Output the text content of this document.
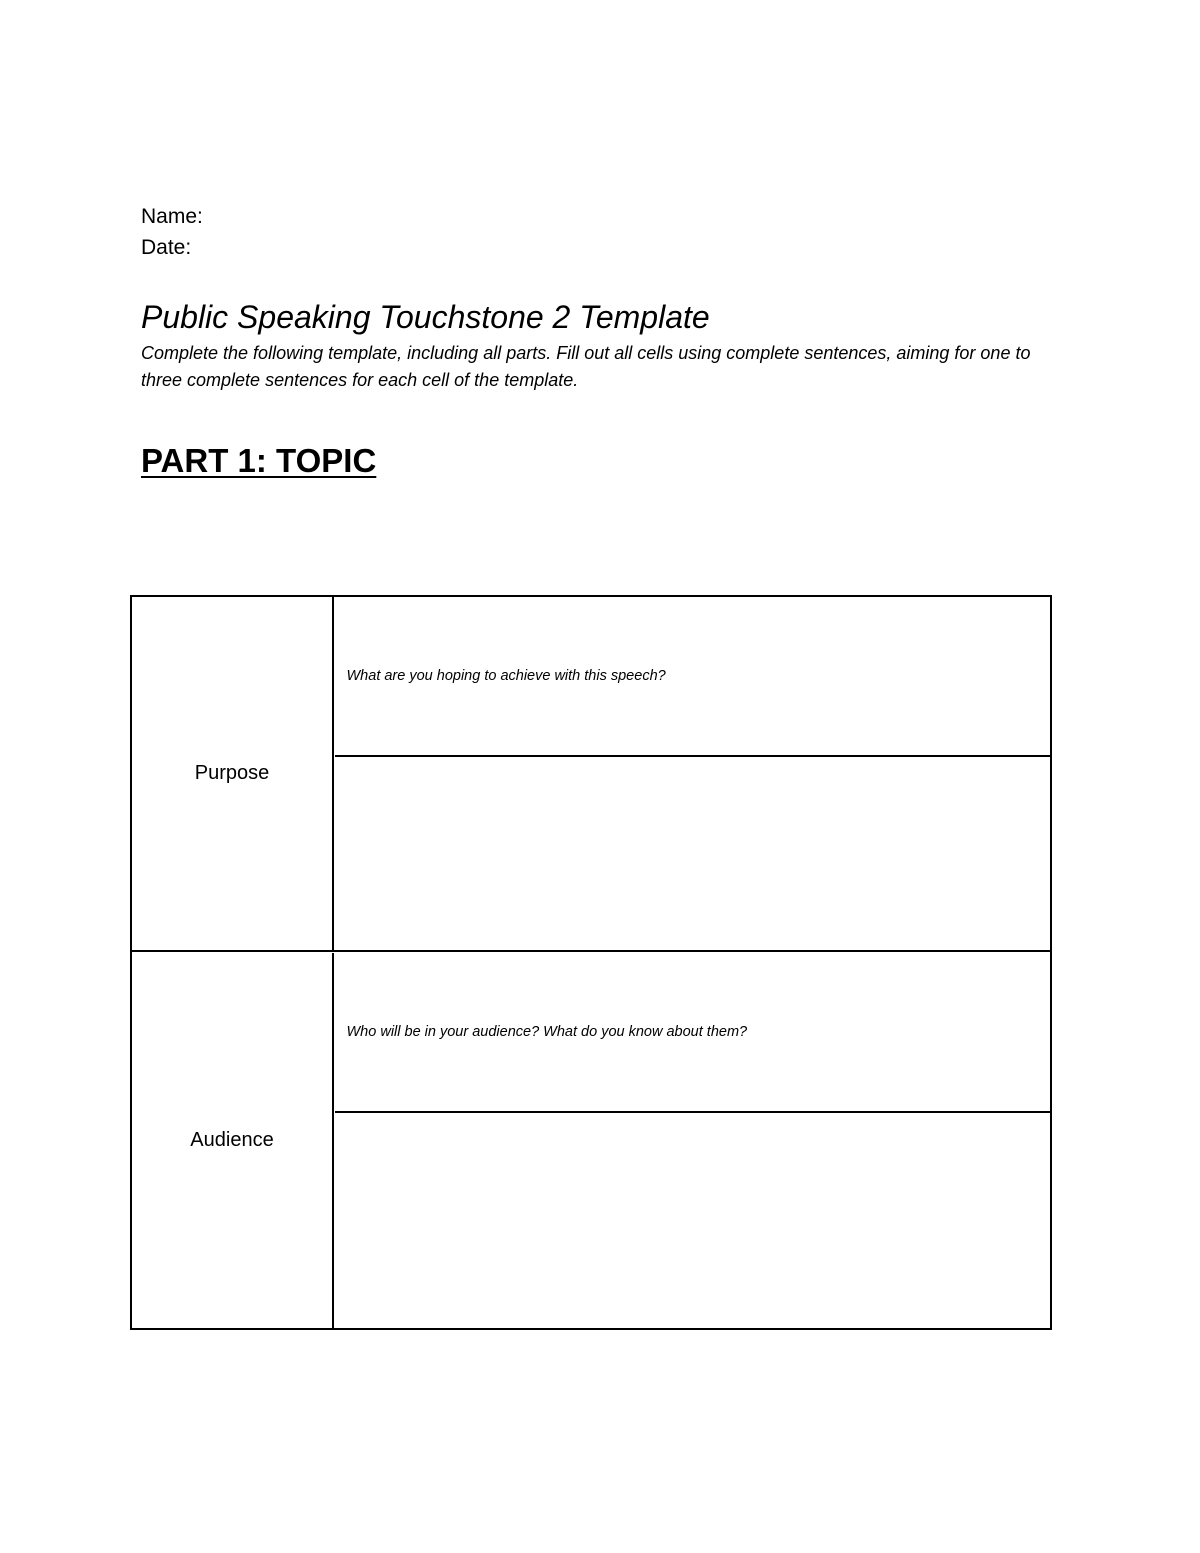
Name:

Date:

Public Speaking Touchstone 2 Template

Complete the following template, including all parts. Fill out all cells using complete sentences, aiming for one to three complete sentences for each cell of the template.

PART 1: TOPIC
Purpose
What are you hoping to achieve with this speech?
Audience
Who will be in your audience? What do you know about them?
